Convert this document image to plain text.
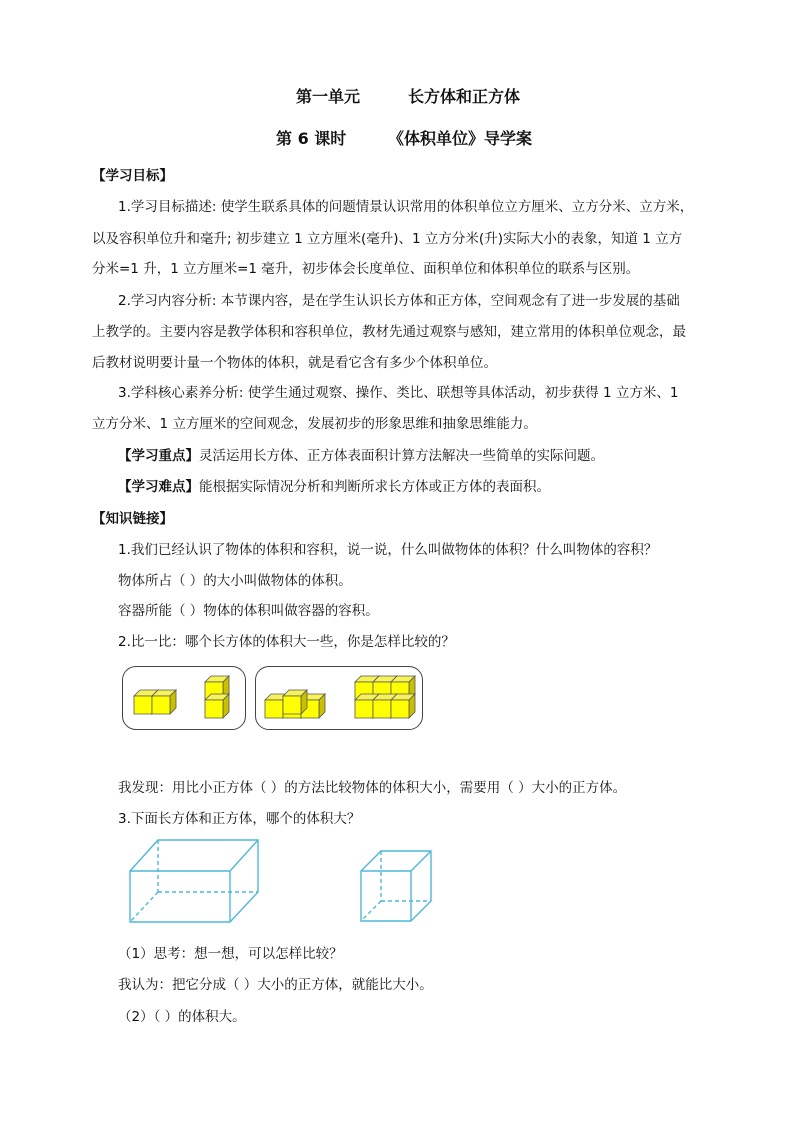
第一单元	长方体和正方体
第 6 课时	《体积单位》导学案
【学习目标】
1.学习目标描述: 使学生联系具体的问题情景认识常用的体积单位立方厘米、立方分米、立方米，
以及容积单位升和毫升; 初步建立 1 立方厘米(毫升)、1 立方分米(升)实际大小的表象，知道 1 立方
分米=1 升，1 立方厘米=1 毫升，初步体会长度单位、面积单位和体积单位的联系与区别。
2.学习内容分析: 本节课内容，是在学生认识长方体和正方体，空间观念有了进一步发展的基础
上教学的。主要内容是教学体积和容积单位，教材先通过观察与感知，建立常用的体积单位观念，最
后教材说明要计量一个物体的体积，就是看它含有多少个体积单位。
3.学科核心素养分析: 使学生通过观察、操作、类比、联想等具体活动，初步获得 1 立方米、1
立方分米、1 立方厘米的空间观念，发展初步的形象思维和抽象思维能力。
【学习重点】灵活运用长方体、正方体表面积计算方法解决一些简单的实际问题。
【学习难点】能根据实际情况分析和判断所求长方体或正方体的表面积。
【知识链接】
1.我们已经认识了物体的体积和容积，说一说，什么叫做物体的体积？什么叫物体的容积？
物体所占（ ）的大小叫做物体的体积。
容器所能（ ）物体的体积叫做容器的容积。
2.比一比：哪个长方体的体积大一些，你是怎样比较的？
我发现：用比小正方体（ ）的方法比较物体的体积大小，需要用（ ）大小的正方体。
3.下面长方体和正方体，哪个的体积大？
（1）思考：想一想，可以怎样比较？
我认为：把它分成（ ）大小的正方体，就能比大小。
（2）（ ）的体积大。
